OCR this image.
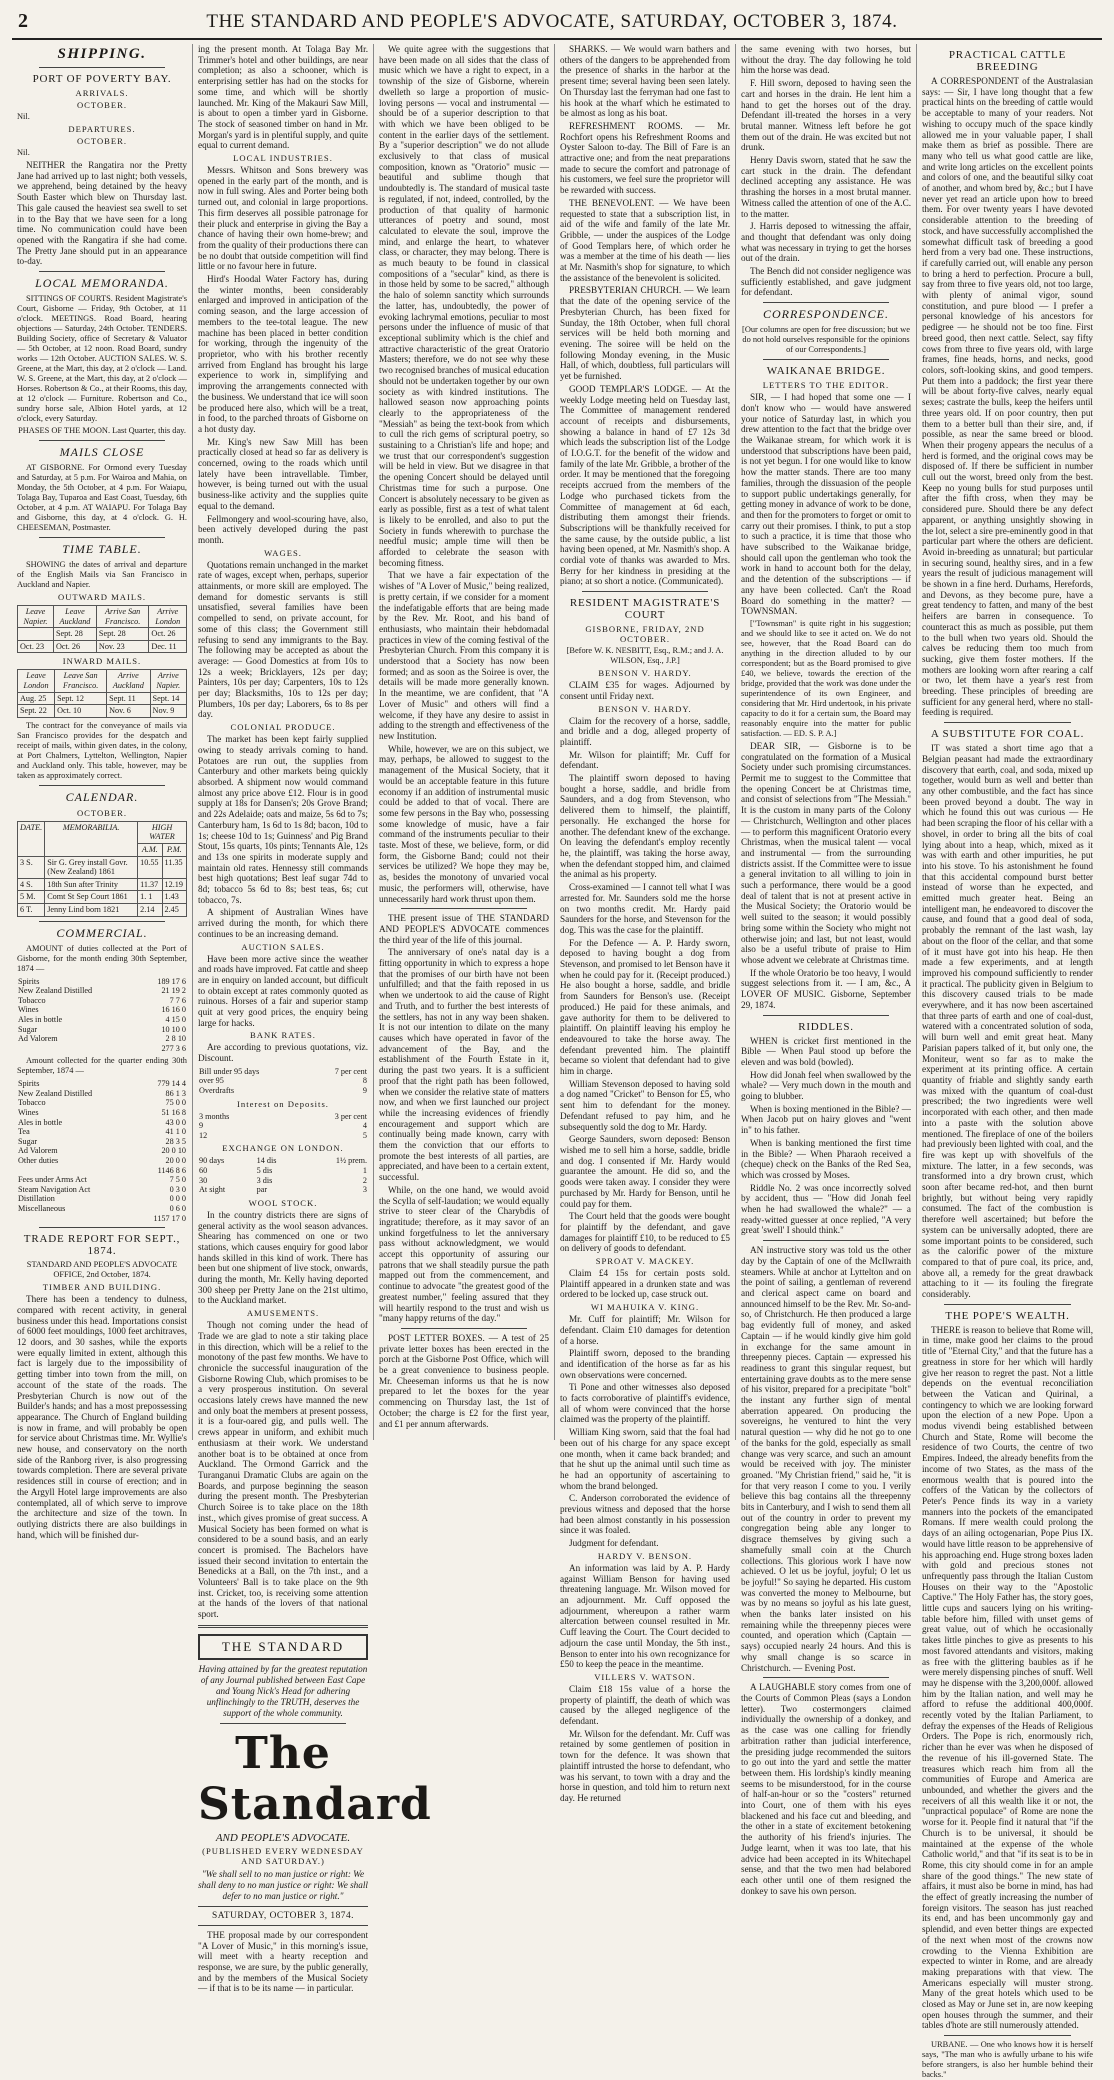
2	THE STANDARD AND PEOPLE'S ADVOCATE, SATURDAY, OCTOBER 3, 1874.
SHIPPING.
PORT OF POVERTY BAY.
ARRIVALS.
OCTOBER.

Nil.

DEPARTURES.
OCTOBER.

Nil.

NEITHER the Rangatira nor the Pretty Jane had arrived up to last night; both vessels, we apprehend, being detained by the heavy South Easter which blew on Thursday last. This gale caused the heaviest sea swell to set in to the Bay that we have seen for a long time. No communication could have been opened with the Rangatira if she had come. The Pretty Jane should put in an appearance to-day.

LOCAL MEMORANDA.

SITTINGS OF COURTS. Resident Magistrate's Court, Gisborne — Friday, 9th October, at 11 o'clock. MEETINGS. Road Board, hearing objections — Saturday, 24th October. TENDERS. Building Society, office of Secretary & Valuator — 5th October, at 12 noon. Road Board, sundry works — 12th October. AUCTION SALES. W. S. Greene, at the Mart, this day, at 2 o'clock — Land. W. S. Greene, at the Mart, this day, at 2 o'clock — Horses. Robertson & Co., at their Rooms, this day, at 12 o'clock — Furniture. Robertson and Co., sundry horse sale, Albion Hotel yards, at 12 o'clock, every Saturday.

PHASES OF THE MOON. Last Quarter, this day.

MAILS CLOSE

AT GISBORNE. For Ormond every Tuesday and Saturday, at 5 p.m. For Wairoa and Mahia, on Monday, the 5th October, at 4 p.m. For Waiapu, Tolaga Bay, Tuparoa and East Coast, Tuesday, 6th October, at 4 p.m. AT WAIAPU. For Tolaga Bay and Gisborne, this day, at 4 o'clock. G. H. CHEESEMAN, Postmaster.

TIME TABLE.

SHOWING the dates of arrival and departure of the English Mails via San Francisco in Auckland and Napier.

OUTWARD MAILS.
Leave Napier.	Leave Auckland	Arrive San Francisco.	Arrive London
	Sept. 28	Sept. 28	Oct. 26
Oct. 23	Oct. 26	Nov. 23	Dec. 11
INWARD MAILS.
Leave London	Leave San Francisco.	Arrive Auckland	Arrive Napier.
Aug. 25	Sept. 12	Sept. 11	Sept. 14
Sept. 22	Oct. 10	Nov. 6	Nov. 9

The contract for the conveyance of mails via San Francisco provides for the despatch and receipt of mails, within given dates, in the colony, at Port Chalmers, Lyttelton, Wellington, Napier and Auckland only. This table, however, may be taken as approximately correct.

CALENDAR.
OCTOBER.
DATE.	MEMORABILIA.	HIGH WATER	
		A.M.	P.M.
3 S.	Sir G. Grey install Govr. (New Zealand) 1861	10.55	11.35
4 S.	18th Sun after Trinity	11.37	12.19
5 M.	Comt St Sep Court 1861	1. 1	1.43
6 T.	Jenny Lind born 1821	2.14	2.45
COMMERCIAL.

AMOUNT of duties collected at the Port of Gisborne, for the month ending 30th September, 1874 —

Spirits	189 17 6
New Zealand Distilled	21 19 2
Tobacco	7 7 6
Wines	16 16 0
Ales in bottle	4 15 0
Sugar	10 10 0
Ad Valorem	2 8 10
	277 3 6

Amount collected for the quarter ending 30th September, 1874 —

Spirits	779 14 4
New Zealand Distilled	86 1 3
Tobacco	75 0 0
Wines	51 16 8
Ales in bottle	43 0 0
Tea	41 1 0
Sugar	28 3 5
Ad Valorem	20 0 10
Other duties	20 0 0
	1146 8 6
Fees under Arms Act	7 5 0
Steam Navigation Act	0 3 0
Distillation	0 0 0
Miscellaneous	0 6 0
	1157 17 0
TRADE REPORT FOR SEPT., 1874.

STANDARD AND PEOPLE'S ADVOCATE OFFICE, 2nd October, 1874.

TIMBER AND BUILDING.

There has been a tendency to dulness, compared with recent activity, in general business under this head. Importations consist of 6000 feet mouldings, 1000 feet architraves, 12 doors, and 30 sashes, while the exports were equally limited in extent, although this fact is largely due to the impossibility of getting timber into town from the mill, on account of the state of the roads. The Presbyterian Church is now out of the Builder's hands; and has a most prepossessing appearance. The Church of England building is now in frame, and will probably be open for service about Christmas time. Mr. Wyllie's new house, and conservatory on the north side of the Ranborg river, is also progressing towards completion. There are several private residences still in course of erection; and in the Argyll Hotel large improvements are also contemplated, all of which serve to improve the architecture and size of the town. In outlying districts there are also buildings in hand, which will be finished dur-

ing the present month. At Tolaga Bay Mr. Trimmer's hotel and other buildings, are near completion; as also a schooner, which is enterprising settler has had on the stocks for some time, and which will be shortly launched. Mr. King of the Makauri Saw Mill, is about to open a timber yard in Gisborne. The stock of seasoned timber on hand in Mr. Morgan's yard is in plentiful supply, and quite equal to current demand.

LOCAL INDUSTRIES.

Messrs. Whitson and Sons brewery was opened in the early part of the month, and is now in full swing. Ales and Porter being both turned out, and colonial in large proportions. This firm deserves all possible patronage for their pluck and enterprise in giving the Bay a chance of having their own home-brew; and from the quality of their productions there can be no doubt that outside competition will find little or no favour here in future.

Hird's Hoodal Water Factory has, during the winter months, been considerably enlarged and improved in anticipation of the coming season, and the large accession of members to the tee-total league. The new machine has been placed in better condition for working, through the ingenuity of the proprietor, who with his brother recently arrived from England has brought his large experience to work in, simplifying and improving the arrangements connected with the business. We understand that ice will soon be produced here also, which will be a treat, in food, to the parched throats of Gisborne on a hot dusty day.

Mr. King's new Saw Mill has been practically closed at head so far as delivery is concerned, owing to the roads which until lately have been intravellable. Timber, however, is being turned out with the usual business-like activity and the supplies quite equal to the demand.

Fellmongery and wool-scouring have, also, been actively developed during the past month.

WAGES.

Quotations remain unchanged in the market rate of wages, except when, perhaps, superior attainments, or more skill are employed. The demand for domestic servants is still unsatisfied, several families have been compelled to send, on private account, for some of this class; the Government still refusing to send any immigrants to the Bay. The following may be accepted as about the average: — Good Domestics at from 10s to 12s a week; Bricklayers, 12s per day; Painters, 10s per day; Carpenters, 10s to 12s per day; Blacksmiths, 10s to 12s per day; Plumbers, 10s per day; Laborers, 6s to 8s per day.

COLONIAL PRODUCE.

The market has been kept fairly supplied owing to steady arrivals coming to hand. Potatoes are run out, the supplies from Canterbury and other markets being quickly absorbed. A shipment now would command almost any price above £12. Flour is in good supply at 18s for Dansen's; 20s Grove Brand; and 22s Adelaide; oats and maize, 5s 6d to 7s; Canterbury ham, 1s 6d to 1s 8d; bacon, 10d to 1s; cheese 10d to 1s; Guinness' and Pig Brand Stout, 15s quarts, 10s pints; Tennants Ale, 12s and 13s one spirits in moderate supply and maintain old rates. Hennessy still commands best high quotations; Best leaf sugar 74d to 8d; tobacco 5s 6d to 8s; best teas, 6s; cut tobacco, 7s.

A shipment of Australian Wines have arrived during the month, for which there continues to be an increasing demand.

AUCTION SALES.

Have been more active since the weather and roads have improved. Fat cattle and sheep are in enquiry on landed account, but difficult to obtain except at rates commonly quoted as ruinous. Horses of a fair and superior stamp quit at very good prices, the enquiry being large for hacks.

BANK RATES.

Are according to previous quotations, viz. Discount.

Bill under 95 days	7 per cent
over 95	8
Overdrafts	9
Interest on Deposits.
3 months	3 per cent
9	4
12	5
EXCHANGE ON LONDON.
90 days	14 dis	1½ prem.
60	5 dis	1
30	3 dis	2
At sight	par	3
WOOL STOCK.

In the country districts there are signs of general activity as the wool season advances. Shearing has commenced on one or two stations, which causes enquiry for good labor hands skilled in this kind of work. There has been but one shipment of live stock, onwards, during the month, Mr. Kelly having deported 300 sheep per Pretty Jane on the 21st ultimo, to the Auckland market.

AMUSEMENTS.

Though not coming under the head of Trade we are glad to note a stir taking place in this direction, which will be a relief to the monotony of the past few months. We have to chronicle the successful inauguration of the Gisborne Rowing Club, which promises to be a very prosperous institution. On several occasions lately crews have manned the new and only boat the members at present possess, it is a four-oared gig, and pulls well. The crews appear in uniform, and exhibit much enthusiasm at their work. We understand another boat is to be obtained at once from Auckland. The Ormond Garrick and the Turanganui Dramatic Clubs are again on the Boards, and purpose beginning the season during the present month. The Presbyterian Church Soiree is to take place on the 18th inst., which gives promise of great success. A Musical Society has been formed on what is considered to be a sound basis, and an early concert is promised. The Bachelors have issued their second invitation to entertain the Benedicks at a Ball, on the 7th inst., and a Volunteers' Ball is to take place on the 9th inst. Cricket, too, is receiving some attention at the hands of the lovers of that national sport.

THE STANDARD

Having attained by far the greatest reputation of any Journal published between East Cape and Young Nick's Head for adhering unflinchingly to the TRUTH, deserves the support of the whole community.

The Standard
AND PEOPLE'S ADVOCATE.
(PUBLISHED EVERY WEDNESDAY AND SATURDAY.)

"We shall sell to no man justice or right: We shall deny to no man justice or right: We shall defer to no man justice or right."

SATURDAY, OCTOBER 3, 1874.

THE proposal made by our correspondent "A Lover of Music," in this morning's issue, will meet with a hearty reception and response, we are sure, by the public generally, and by the members of the Musical Society — if that is to be its name — in particular.

We quite agree with the suggestions that have been made on all sides that the class of music which we have a right to expect, in a township of the size of Gisborne, wherein dwelleth so large a proportion of music-loving persons — vocal and instrumental — should be of a superior description to that with which we have been obliged to be content in the earlier days of the settlement. By a "superior description" we do not allude exclusively to that class of musical composition, known as "Oratorio" music — beautiful and sublime though that undoubtedly is. The standard of musical taste is regulated, if not, indeed, controlled, by the production of that quality of harmonic utterances of poetry and sound, most calculated to elevate the soul, improve the mind, and enlarge the heart, to whatever class, or character, they may belong. There is as much beauty to be found in classical compositions of a "secular" kind, as there is in those held by some to be sacred," although the halo of solemn sanctity which surrounds the latter, has, undoubtedly, the power of evoking lachrymal emotions, peculiar to most persons under the influence of music of that exceptional sublimity which is the chief and attractive characteristic of the great Oratorio Masters; therefore, we do not see why these two recognised branches of musical education should not be undertaken together by our own society as with kindred institutions. The hallowed season now approaching points clearly to the appropriateness of the "Messiah" as being the text-book from which to cull the rich gems of scriptural poetry, so sustaining to a Christian's life and hope; and we trust that our correspondent's suggestion will be held in view. But we disagree in that the opening Concert should be delayed until Christmas time for such a purpose. One Concert is absolutely necessary to be given as early as possible, first as a test of what talent is likely to be enrolled, and also to put the Society in funds wherewith to purchase the needful music; ample time will then be afforded to celebrate the season with becoming fitness.

That we have a fair expectation of the wishes of "A Lover of Music," being realized, is pretty certain, if we consider for a moment the indefatigable efforts that are being made by the Rev. Mr. Root, and his band of enthusiasts, who maintain their hebdomadal practices in view of the coming festival of the Presbyterian Church. From this company it is understood that a Society has now been formed; and as soon as the Soiree is over, the details will be made more generally known. In the meantime, we are confident, that "A Lover of Music" and others will find a welcome, if they have any desire to assist in adding to the strength and effectiveness of the new Institution.

While, however, we are on this subject, we may, perhaps, be allowed to suggest to the management of the Musical Society, that it would be an acceptable feature in this future economy if an addition of instrumental music could be added to that of vocal. There are some few persons in the Bay who, possessing some knowledge of music, have a fair command of the instruments peculiar to their taste. Most of these, we believe, form, or did form, the Gisborne Band; could not their services be utilized? We hope they may be, as, besides the monotony of unvaried vocal music, the performers will, otherwise, have unnecessarily hard work thrust upon them.

THE present issue of THE STANDARD AND PEOPLE'S ADVOCATE commences the third year of the life of this journal.

The anniversary of one's natal day is a fitting opportunity in which to express a hope that the promises of our birth have not been unfulfilled; and that the faith reposed in us when we undertook to aid the cause of Right and Truth, and to further the best interests of the settlers, has not in any way been shaken. It is not our intention to dilate on the many causes which have operated in favor of the advancement of the Bay, and the establishment of the Fourth Estate in it, during the past two years. It is a sufficient proof that the right path has been followed, when we consider the relative state of matters now, and when we first launched our project while the increasing evidences of friendly encouragement and support which are continually being made known, carry with them the conviction that our efforts to promote the best interests of all parties, are appreciated, and have been to a certain extent, successful.

While, on the one hand, we would avoid the Scylla of self-laudation; we would equally strive to steer clear of the Charybdis of ingratitude; therefore, as it may savor of an unkind forgetfulness to let the anniversary pass without acknowledgment, we would accept this opportunity of assuring our patrons that we shall steadily pursue the path mapped out from the commencement, and continue to advocate "the greatest good of the greatest number," feeling assured that they will heartily respond to the trust and wish us "many happy returns of the day."

POST LETTER BOXES. — A test of 25 private letter boxes has been erected in the porch at the Gisborne Post Office, which will be a great convenience to business people. Mr. Cheeseman informs us that he is now prepared to let the boxes for the year commencing on Thursday last, the 1st of October; the charge is £2 for the first year, and £1 per annum afterwards.

SHARKS. — We would warn bathers and others of the dangers to be apprehended from the presence of sharks in the harbor at the present time; several having been seen lately. On Thursday last the ferryman had one fast to his hook at the wharf which he estimated to be almost as long as his boat.

REFRESHMENT ROOMS. — Mr. Rochfort opens his Refreshment Rooms and Oyster Saloon to-day. The Bill of Fare is an attractive one; and from the neat preparations made to secure the comfort and patronage of his customers, we feel sure the proprietor will be rewarded with success.

THE BENEVOLENT. — We have been requested to state that a subscription list, in aid of the wife and family of the late Mr. Gribble, — under the auspices of the Lodge of Good Templars here, of which order he was a member at the time of his death — lies at Mr. Nasmith's shop for signature, to which the assistance of the benevolent is solicited.

PRESBYTERIAN CHURCH. — We learn that the date of the opening service of the Presbyterian Church, has been fixed for Sunday, the 18th October, when full choral services will be held both morning and evening. The soiree will be held on the following Monday evening, in the Music Hall, of which, doubtless, full particulars will yet be furnished.

GOOD TEMPLAR'S LODGE. — At the weekly Lodge meeting held on Tuesday last, The Committee of management rendered account of receipts and disbursements, showing a balance in hand of £7 12s 3d which leads the subscription list of the Lodge of I.O.G.T. for the benefit of the widow and family of the late Mr. Gribble, a brother of the order. It may be mentioned that the foregoing receipts accrued from the members of the Lodge who purchased tickets from the Committee of management at 6d each, distributing them amongst their friends. Subscriptions will be thankfully received for the same cause, by the outside public, a list having been opened, at Mr. Nasmith's shop. A cordial vote of thanks was awarded to Mrs. Berry for her kindness in presiding at the piano; at so short a notice. (Communicated).

RESIDENT MAGISTRATE'S COURT
GISBORNE, FRIDAY, 2ND OCTOBER.

[Before W. K. NESBITT, Esq., R.M.; and J. A. WILSON, Esq., J.P.]

BENSON V. HARDY.

CLAIM £35 for wages. Adjourned by consent until Friday next.

BENSON V. HARDY.

Claim for the recovery of a horse, saddle, and bridle and a dog, alleged property of plaintiff.

Mr. Wilson for plaintiff; Mr. Cuff for defendant.

The plaintiff sworn deposed to having bought a horse, saddle, and bridle from Saunders, and a dog from Stevenson, who delivered them to himself, the plaintiff, personally. He exchanged the horse for another. The defendant knew of the exchange. On leaving the defendant's employ recently he, the plaintiff, was taking the horse away, when the defendant stopped him, and claimed the animal as his property.

Cross-examined — I cannot tell what I was arrested for. Mr. Saunders sold me the horse on two months credit. Mr. Hardy paid Saunders for the horse, and Stevenson for the dog. This was the case for the plaintiff.

For the Defence — A. P. Hardy sworn, deposed to having bought a dog from Stevenson, and promised to let Benson have it when he could pay for it. (Receipt produced.) He also bought a horse, saddle, and bridle from Saunders for Benson's use. (Receipt produced.) He paid for these animals, and gave authority for them to be delivered to plaintiff. On plaintiff leaving his employ he endeavoured to take the horse away. The defendant prevented him. The plaintiff became so violent that defendant had to give him in charge.

William Stevenson deposed to having sold a dog named "Cricket" to Benson for £5, who sent him to defendant for the money. Defendant refused to pay him, and he subsequently sold the dog to Mr. Hardy.

George Saunders, sworn deposed: Benson wished me to sell him a horse, saddle, bridle and dog. I consented if Mr. Hardy would guarantee the amount. He did so, and the goods were taken away. I consider they were purchased by Mr. Hardy for Benson, until he could pay for them.

The Court held that the goods were bought for plaintiff by the defendant, and gave damages for plaintiff £10, to be reduced to £5 on delivery of goods to defendant.

SPROAT V. MACKEY.

Claim £4 15s for certain posts sold. Plaintiff appeared in a drunken state and was ordered to be locked up, case struck out.

WI MAHUIKA V. KING.

Mr. Cuff for plaintiff; Mr. Wilson for defendant. Claim £10 damages for detention of a horse.

Plaintiff sworn, deposed to the branding and identification of the horse as far as his own observations were concerned.

Ti Pone and other witnesses also deposed to facts corroborative of plaintiff's evidence, all of whom were convinced that the horse claimed was the property of the plaintiff.

William King sworn, said that the foal had been out of his charge for any space except one month, when it came back branded; and that he shut up the animal until such time as he had an opportunity of ascertaining to whom the brand belonged.

C. Anderson corroborated the evidence of previous witness and deposed that the horse had been almost constantly in his possession since it was foaled.

Judgment for defendant.

HARDY V. BENSON.

An information was laid by A. P. Hardy against William Benson for having used threatening language. Mr. Wilson moved for an adjournment. Mr. Cuff opposed the adjournment, whereupon a rather warm altercation between counsel resulted in Mr. Cuff leaving the Court. The Court decided to adjourn the case until Monday, the 5th inst., Benson to enter into his own recognizance for £50 to keep the peace in the meantime.

VILLERS V. WATSON.

Claim £18 15s value of a horse the property of plaintiff, the death of which was caused by the alleged negligence of the defendant.

Mr. Wilson for the defendant. Mr. Cuff was retained by some gentlemen of position in town for the defence. It was shown that plaintiff intrusted the horse to defendant, who was his servant, to town with a dray and the horse in question, and told him to return next day. He returned

the same evening with two horses, but without the dray. The day following he told him the horse was dead.

F. Hill sworn, deposed to having seen the cart and horses in the drain. He lent him a hand to get the horses out of the dray. Defendant ill-treated the horses in a very brutal manner. Witness left before he got them out of the drain. He was excited but not drunk.

Henry Davis sworn, stated that he saw the cart stuck in the drain. The defendant declined accepting any assistance. He was thrashing the horses in a most brutal manner. Witness called the attention of one of the A.C. to the matter.

J. Harris deposed to witnessing the affair, and thought that defendant was only doing what was necessary in trying to get the horses out of the drain.

The Bench did not consider negligence was sufficiently established, and gave judgment for defendant.

CORRESPONDENCE.

[Our columns are open for free discussion; but we do not hold ourselves responsible for the opinions of our Correspondents.]

WAIKANAE BRIDGE.
LETTERS TO THE EDITOR.

SIR, — I had hoped that some one — I don't know who — would have answered your notice of Saturday last, in which you drew attention to the fact that the bridge over the Waikanae stream, for which work it is understood that subscriptions have been paid, is not yet begun. I for one would like to know how the matter stands. There are too many families, through the dissuasion of the people to support public undertakings generally, for getting money in advance of work to be done, and then for the promoters to forget or omit to carry out their promises. I think, to put a stop to such a practice, it is time that those who have subscribed to the Waikanae bridge, should call upon the gentleman who took the work in hand to account both for the delay, and the detention of the subscriptions — if any have been collected. Can't the Road Board do something in the matter? — TOWNSMAN.

["Townsman" is quite right in his suggestion; and we should like to see it acted on. We do not see, however, that the Road Board can do anything in the direction alluded to by our correspondent; but as the Board promised to give £40, we believe, towards the erection of the bridge, provided that the work was done under the superintendence of its own Engineer, and considering that Mr. Hird undertook, in his private capacity to do it for a certain sum, the Board may reasonably enquire into the matter for public satisfaction. — ED. S. P. A.]

DEAR SIR, — Gisborne is to be congratulated on the formation of a Musical Society under such promising circumstances. Permit me to suggest to the Committee that the opening Concert be at Christmas time, and consist of selections from "The Messiah." It is the custom in many parts of the Colony — Christchurch, Wellington and other places — to perform this magnificent Oratorio every Christmas, when the musical talent — vocal and instrumental — from the surrounding districts assist. If the Committee were to issue a general invitation to all willing to join in such a performance, there would be a good deal of talent that is not at present active in the Musical Society; the Oratorio would be well suited to the season; it would possibly bring some within the Society who might not otherwise join; and last, but not least, would also be a useful tribute of praise to Him whose advent we celebrate at Christmas time.

If the whole Oratorio be too heavy, I would suggest selections from it. — I am, &c., A LOVER OF MUSIC. Gisborne, September 29, 1874.

RIDDLES.

WHEN is cricket first mentioned in the Bible — When Paul stood up before the eleven and was bold (bowled).

How did Jonah feel when swallowed by the whale? — Very much down in the mouth and going to blubber.

When is boxing mentioned in the Bible? — When Jacob put on hairy gloves and "went in" to his father.

When is banking mentioned the first time in the Bible? — When Pharaoh received a (cheque) check on the Banks of the Red Sea, which was crossed by Moses.

Riddle No. 2 was once incorrectly solved by accident, thus — "How did Jonah feel when he had swallowed the whale?" — a ready-witted guesser at once replied, "A very great 'swell' I should think."

AN instructive story was told us the other day by the Captain of one of the McIlwraith steamers. While at anchor at Lyttelton and on the point of sailing, a gentleman of reverend and clerical aspect came on board and announced himself to be the Rev. Mr. So-and-so, of Christchurch. He then produced a large bag evidently full of money, and asked Captain — if he would kindly give him gold in exchange for the same amount in threepenny pieces. Captain — expressed his readiness to grant this singular request, but entertaining grave doubts as to the mere sense of his visitor, prepared for a precipitate "bolt" the instant any further sign of mental aberration appeared. On producing the sovereigns, he ventured to hint the very natural question — why did he not go to one of the banks for the gold, especially as small change was very scarce, and such an amount would be received with joy. The minister groaned. "My Christian friend," said he, "it is for that very reason I come to you. I verily believe this bag contains all the threepenny bits in Canterbury, and I wish to send them all out of the country in order to prevent my congregation being able any longer to disgrace themselves by giving such a shamefully small coin at the Church collections. This glorious work I have now achieved. O let us be joyful, joyful; O let us be joyful!" So saying he departed. His custom was converted the money to Melbourne, but was by no means so joyful as his late guest, when the banks later insisted on his remaining while the threepenny pieces were counted, and operation which (Captain — says) occupied nearly 24 hours. And this is why small change is so scarce in Christchurch. — Evening Post.

A LAUGHABLE story comes from one of the Courts of Common Pleas (says a London letter). Two costermongers claimed individually the ownership of a donkey, and as the case was one calling for friendly arbitration rather than judicial interference, the presiding judge recommended the suitors to go out into the yard and settle the matter between them. His lordship's kindly meaning seems to be misunderstood, for in the course of half-an-hour or so the "costers" returned into Court, one of them with his eyes blackened and his face cut and bleeding, and the other in a state of excitement betokening the authority of his friend's injuries. The Judge learnt, when it was too late, that his advice had been accepted in its Whitechapel sense, and that the two men had belabored each other until one of them resigned the donkey to save his own person.

PRACTICAL CATTLE BREEDING

A CORRESPONDENT of the Australasian says: — Sir, I have long thought that a few practical hints on the breeding of cattle would be acceptable to many of your readers. Not wishing to occupy much of the space kindly allowed me in your valuable paper, I shall make them as brief as possible. There are many who tell us what good cattle are like, and write long articles on the excellent points and colors of one, and the beautiful silky coat of another, and whom bred by, &c.; but I have never yet read an article upon how to breed them. For over twenty years I have devoted considerable attention to the breeding of stock, and have successfully accomplished the somewhat difficult task of breeding a good herd from a very bad one. These instructions, if carefully carried out, will enable any person to bring a herd to perfection. Procure a bull, say from three to five years old, not too large, with plenty of animal vigor, sound constitution, and pure blood — I prefer a personal knowledge of his ancestors for pedigree — he should not be too fine. First breed good, then next cattle. Select, say fifty cows from three to five years old, with large frames, fine heads, horns, and necks, good colors, soft-looking skins, and good tempers. Put them into a paddock; the first year there will be about forty-five calves, nearly equal sexes; castrate the bulls, keep the heifers until three years old. If on poor country, then put them to a better bull than their sire, and, if possible, as near the same breed or blood. When their progeny appears the neculus of a herd is formed, and the original cows may be disposed of. If there be sufficient in number cull out the worst, breed only from the best. Keep no young bulls for stud purposes until after the fifth cross, when they may be considered pure. Should there be any defect apparent, or anything unsightly showing in the lot, select a sire pre-eminently good in that particular part where the others are deficient. Avoid in-breeding as unnatural; but particular in securing sound, healthy sires, and in a few years the result of judicious management will be shown in a fine herd. Durhams, Herefords, and Devons, as they become pure, have a great tendency to fatten, and many of the best heifers are barren in consequence. To counteract this as much as possible, put them to the bull when two years old. Should the calves be reducing them too much from sucking, give them foster mothers. If the mothers are looking worn after rearing a calf or two, let them have a year's rest from breeding. These principles of breeding are sufficient for any general herd, where no stall-feeding is required.

A SUBSTITUTE FOR COAL.

IT was stated a short time ago that a Belgian peasant had made the extraordinary discovery that earth, coal, and soda, mixed up together, would burn as well and better than any other combustible, and the fact has since been proved beyond a doubt. The way in which he found this out was curious — He had been scraping the floor of his cellar with a shovel, in order to bring all the bits of coal lying about into a heap, which, mixed as it was with earth and other impurities, he put into his stove. To his astonishment he found that this accidental compound burst better instead of worse than he expected, and emitted much greater heat. Being an intelligent man, he endeavored to discover the cause, and found that a good deal of soda, probably the remnant of the last wash, lay about on the floor of the cellar, and that some of it must have got into his heap. He then made a few experiments, and at length improved his compound sufficiently to render it practical. The publicity given in Belgium to this discovery caused trials to be made everywhere, and it has now been ascertained that three parts of earth and one of coal-dust, watered with a concentrated solution of soda, will burn well and emit great heat. Many Parisian papers talked of it, but only one, the Moniteur, went so far as to make the experiment at its printing office. A certain quantity of friable and slightly sandy earth was mixed with the quantum of coal-dust prescribed; the two ingredients were well incorporated with each other, and then made into a paste with the solution above mentioned. The fireplace of one of the boilers had previously been lighted with coal, and the fire was kept up with shovelfuls of the mixture. The latter, in a few seconds, was transformed into a dry brown crust, which soon after became red-hot, and then burnt brightly, but without being very rapidly consumed. The fact of the combustion is therefore well ascertained; but before the system can be universally adopted, there are some important points to be considered, such as the calorific power of the mixture compared to that of pure coal, its price, and, above all, a remedy for the great drawback attaching to it — its fouling the firegrate considerably.

THE POPE'S WEALTH.

THERE is reason to believe that Rome will, in time, make good her claims to the proud title of "Eternal City," and that the future has a greatness in store for her which will hardly give her reason to regret the past. Not a little depends on the eventual reconciliation between the Vatican and Quirinal, a contingency to which we are looking forward upon the election of a new Pope. Upon a modus vivendi being established between Church and State, Rome will become the residence of two Courts, the centre of two Empires. Indeed, the already benefits from the income of two States, as the mass of the enormous wealth that is poured into the coffers of the Vatican by the collectors of Peter's Pence finds its way in a variety manners into the pockets of the emancipated Romans. If mere wealth could prolong the days of an ailing octogenarian, Pope Pius IX. would have little reason to be apprehensive of his approaching end. Huge strong boxes laden with gold and precious stones not unfrequently pass through the Italian Custom Houses on their way to the "Apostolic Captive." The Holy Father has, the story goes, little cups and saucers lying on his writing-table before him, filled with unset gems of great value, out of which he occasionally takes little pinches to give as presents to his most favored attendants and visitors, making as free with the glittering baubles as if he were merely dispensing pinches of snuff. Well may he dispense with the 3,200,000f. allowed him by the Italian nation, and well may he afford to refuse the additional 400,000f. recently voted by the Italian Parliament, to defray the expenses of the Heads of Religious Orders. The Pope is rich, enormously rich, richer than he ever was when he disposed of the revenue of his ill-governed State. The treasures which reach him from all the communities of Europe and America are unbounded, and whether the givers and the receivers of all this wealth like it or not, the "unpractical populace" of Rome are none the worse for it. People find it natural that "if the Church is to be universal, it should be maintained at the expense of the whole Catholic world," and that "if its seat is to be in Rome, this city should come in for an ample share of the good things." The new state of affairs, it must also be borne in mind, has had the effect of greatly increasing the number of foreign visitors. The season has just reached its end, and has been uncommonly gay and splendid, and even better things are expected of the next when most of the crowns now crowding to the Vienna Exhibition are expected to winter in Rome, and are already making preparations with that view. The Americans especially will muster strong. Many of the great hotels which used to be closed as May or June set in, are now keeping open houses through the summer, and their tables d'hote are still numerously attended.

URBANE. — One who knows how it is herself says, "The man who is awfully urbane to his wife before strangers, is also her humble behind their backs."
